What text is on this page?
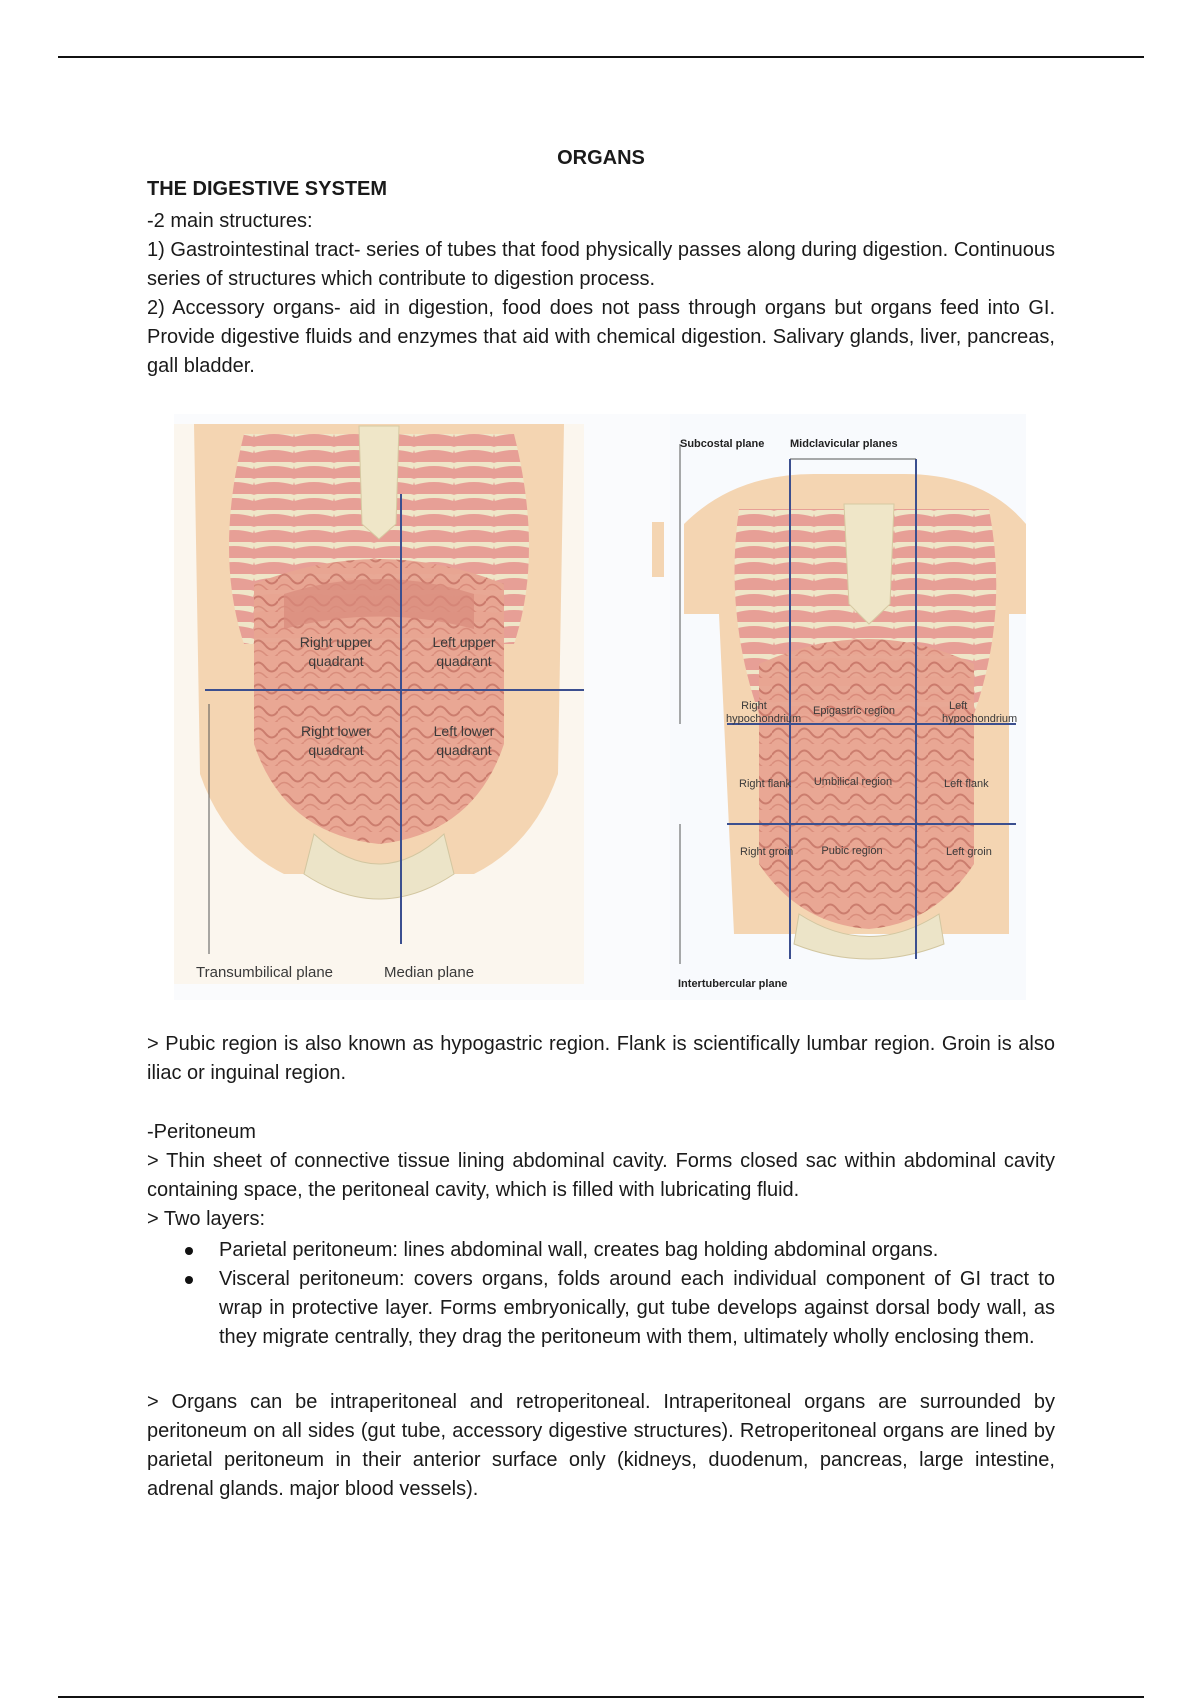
ORGANS
THE DIGESTIVE SYSTEM

-2 main structures:

1) Gastrointestinal tract- series of tubes that food physically passes along during digestion. Continuous series of structures which contribute to digestion process.

2) Accessory organs- aid in digestion, food does not pass through organs but organs feed into GI. Provide digestive fluids and enzymes that aid with chemical digestion. Salivary glands, liver, pancreas, gall bladder.

> Pubic region is also known as hypogastric region. Flank is scientifically lumbar region. Groin is also iliac or inguinal region.

-Peritoneum

> Thin sheet of connective tissue lining abdominal cavity. Forms closed sac within abdominal cavity containing space, the peritoneal cavity, which is filled with lubricating fluid.

> Two layers:

Parietal peritoneum: lines abdominal wall, creates bag holding abdominal organs.
Visceral peritoneum: covers organs, folds around each individual component of GI tract to wrap in protective layer. Forms embryonically, gut tube develops against dorsal body wall, as they migrate centrally, they drag the peritoneum with them, ultimately wholly enclosing them.

> Organs can be intraperitoneal and retroperitoneal. Intraperitoneal organs are surrounded by peritoneum on all sides (gut tube, accessory digestive structures). Retroperitoneal organs are lined by parietal peritoneum in their anterior surface only (kidneys, duodenum, pancreas, large intestine, adrenal glands. major blood vessels).

Right upper
quadrant
Left upper
quadrant
Right lower
quadrant
Left lower
quadrant
Transumbilical plane	Median plane
Subcostal plane Midclavicular planes
Right
hypochondrium
Epigastric region	Left
hypochondrium
Right flank Umbilical region	Left flank
Right groin	Pubic region	Left groin
Intertubercular plane
